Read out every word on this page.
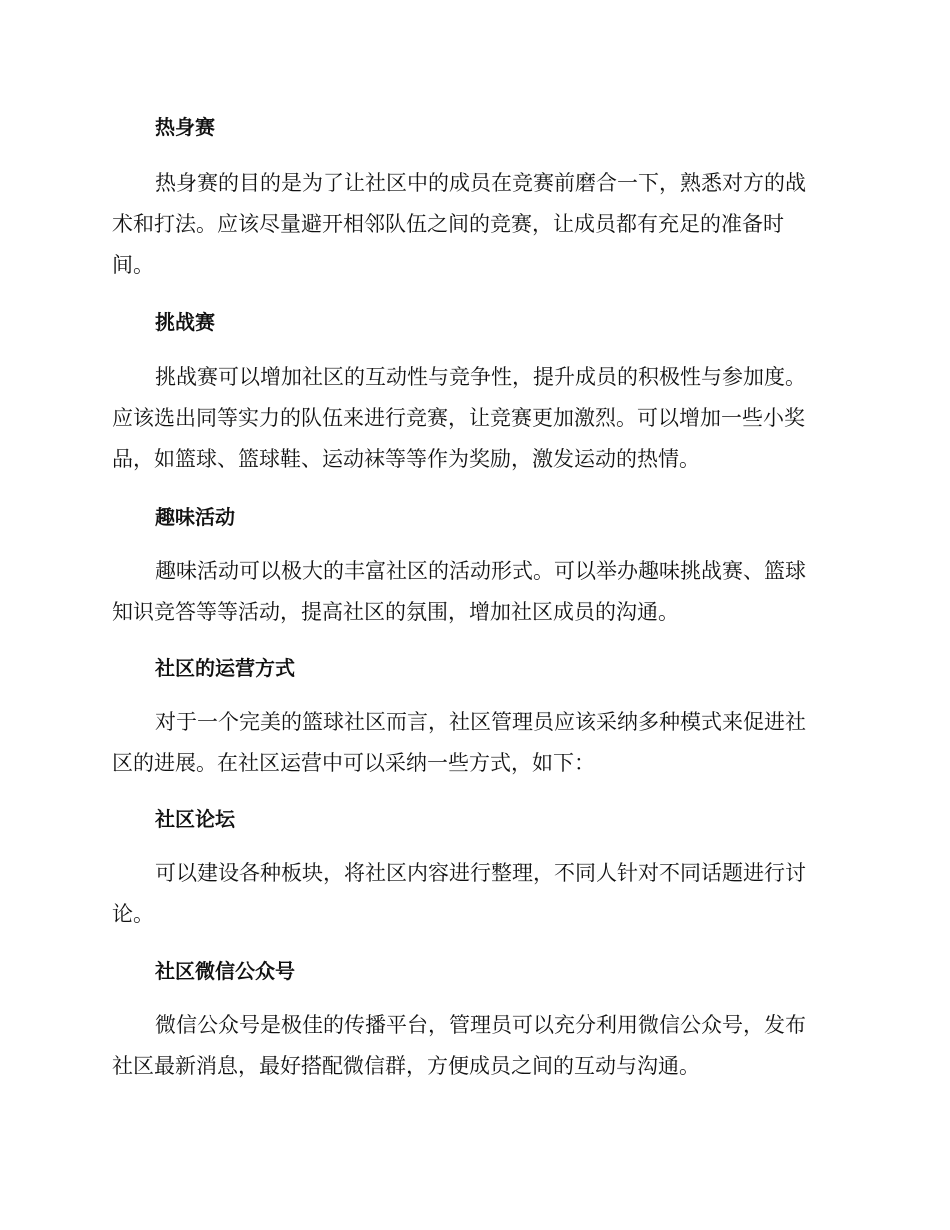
热身赛
热身赛的目的是为了让社区中的成员在竞赛前磨合一下，熟悉对方的战
术和打法。应该尽量避开相邻队伍之间的竞赛，让成员都有充足的准备时
间。
挑战赛
挑战赛可以增加社区的互动性与竞争性，提升成员的积极性与参加度。
应该选出同等实力的队伍来进行竞赛，让竞赛更加激烈。可以增加一些小奖
品，如篮球、篮球鞋、运动袜等等作为奖励，激发运动的热情。
趣味活动
趣味活动可以极大的丰富社区的活动形式。可以举办趣味挑战赛、篮球
知识竞答等等活动，提高社区的氛围，增加社区成员的沟通。
社区的运营方式
对于一个完美的篮球社区而言，社区管理员应该采纳多种模式来促进社
区的进展。在社区运营中可以采纳一些方式，如下：
社区论坛
可以建设各种板块，将社区内容进行整理，不同人针对不同话题进行讨
论。
社区微信公众号
微信公众号是极佳的传播平台，管理员可以充分利用微信公众号，发布
社区最新消息，最好搭配微信群，方便成员之间的互动与沟通。
